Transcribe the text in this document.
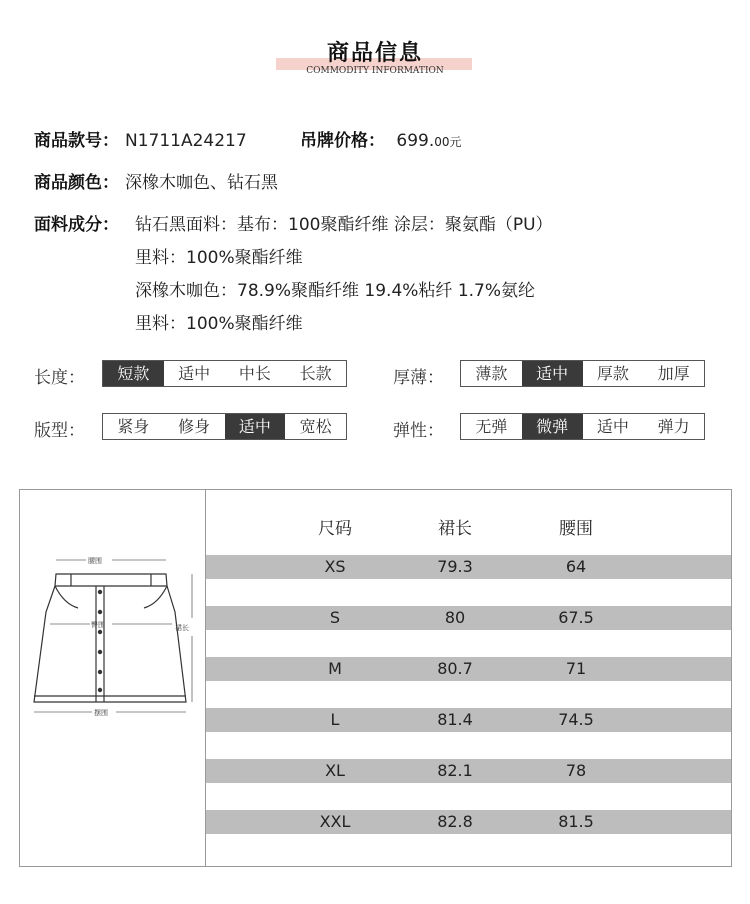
商品信息
COMMODITY INFORMATION
商品款号： N1711A24217	吊牌价格： 699.00元
商品颜色： 深橡木咖色、钻石黑
面料成分： 钻石黑面料：基布：100聚酯纤维 涂层：聚氨酯（PU）
里料：100%聚酯纤维
深橡木咖色：78.9%聚酯纤维 19.4%粘纤 1.7%氨纶
里料：100%聚酯纤维
长度：	短款	适中	中长	长款	厚薄：	薄款	适中	厚款	加厚
版型：	紧身	修身	适中	宽松	弹性：	无弹	微弹	适中	弹力
腰围
臀围	裙长
摆围
尺码	裙长	腰围
XS	79.3	64
S	80	67.5
M	80.7	71
L	81.4	74.5
XL	82.1	78
XXL	82.8	81.5
